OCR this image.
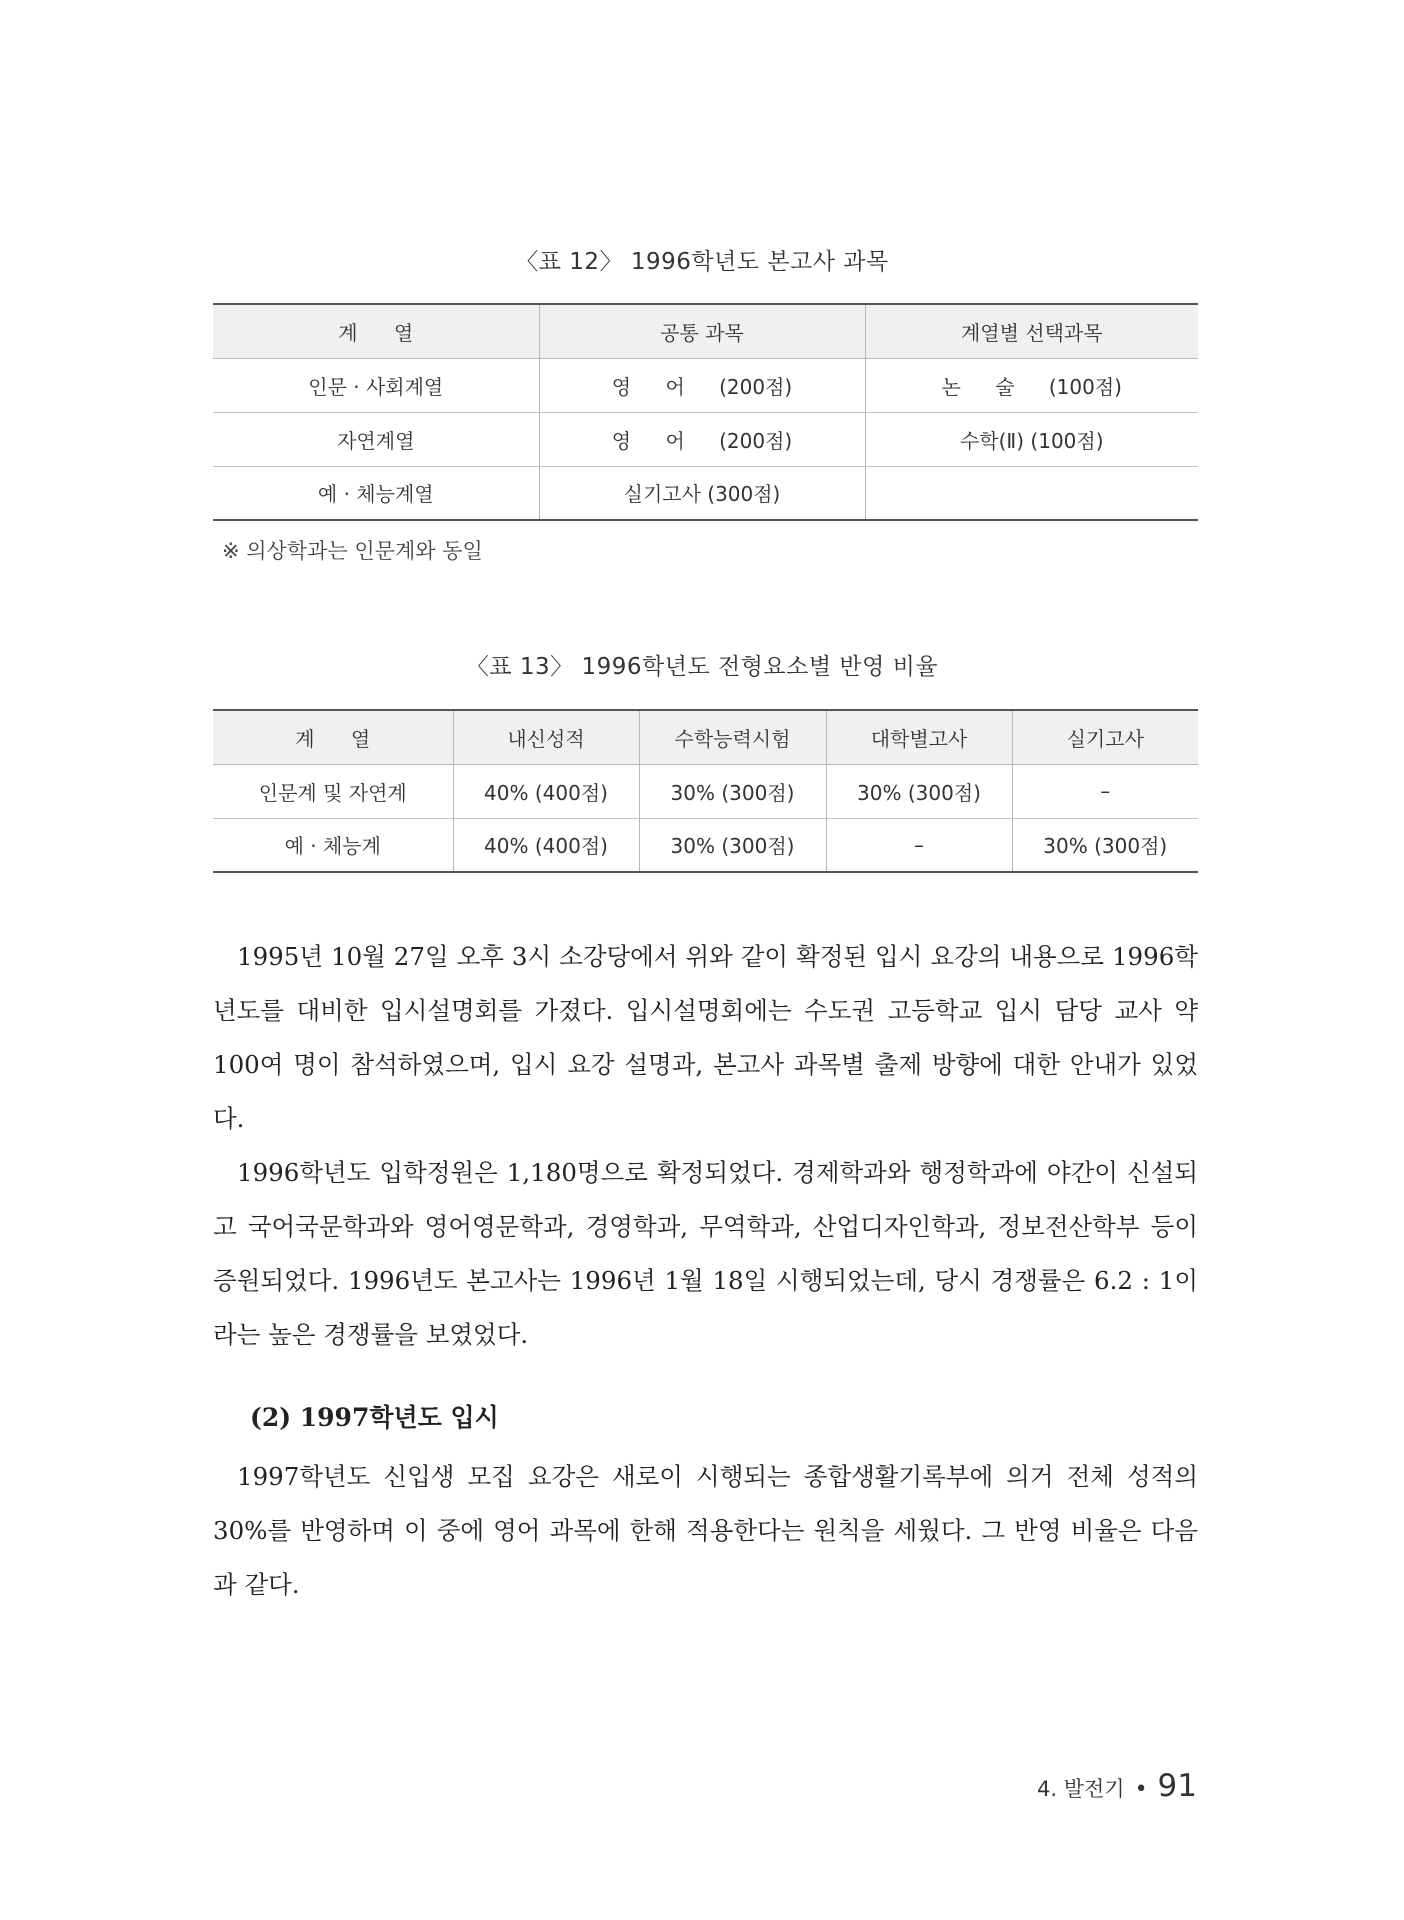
〈표 12〉 1996학년도 본고사 과목
계 열	공통 과목	계열별 선택과목
인문 · 사회계열	영 어 (200점)	논 술 (100점)
자연계열	영 어 (200점)	수학(Ⅱ) (100점)
예 · 체능계열	실기고사 (300점)	
※ 의상학과는 인문계와 동일
〈표 13〉 1996학년도 전형요소별 반영 비율
계 열	내신성적	수학능력시험	대학별고사	실기고사
인문계 및 자연계	40% (400점)	30% (300점)	30% (300점)	–
예 · 체능계	40% (400점)	30% (300점)	–	30% (300점)

1995년 10월 27일 오후 3시 소강당에서 위와 같이 확정된 입시 요강의 내용으로 1996학년도를 대비한 입시설명회를 가졌다. 입시설명회에는 수도권 고등학교 입시 담당 교사 약 100여 명이 참석하였으며, 입시 요강 설명과, 본고사 과목별 출제 방향에 대한 안내가 있었다.

1996학년도 입학정원은 1,180명으로 확정되었다. 경제학과와 행정학과에 야간이 신설되고 국어국문학과와 영어영문학과, 경영학과, 무역학과, 산업디자인학과, 정보전산학부 등이 증원되었다. 1996년도 본고사는 1996년 1월 18일 시행되었는데, 당시 경쟁률은 6.2 : 1이라는 높은 경쟁률을 보였었다.

(2) 1997학년도 입시

1997학년도 신입생 모집 요강은 새로이 시행되는 종합생활기록부에 의거 전체 성적의 30%를 반영하며 이 중에 영어 과목에 한해 적용한다는 원칙을 세웠다. 그 반영 비율은 다음과 같다.

4. 발전기 • 91
